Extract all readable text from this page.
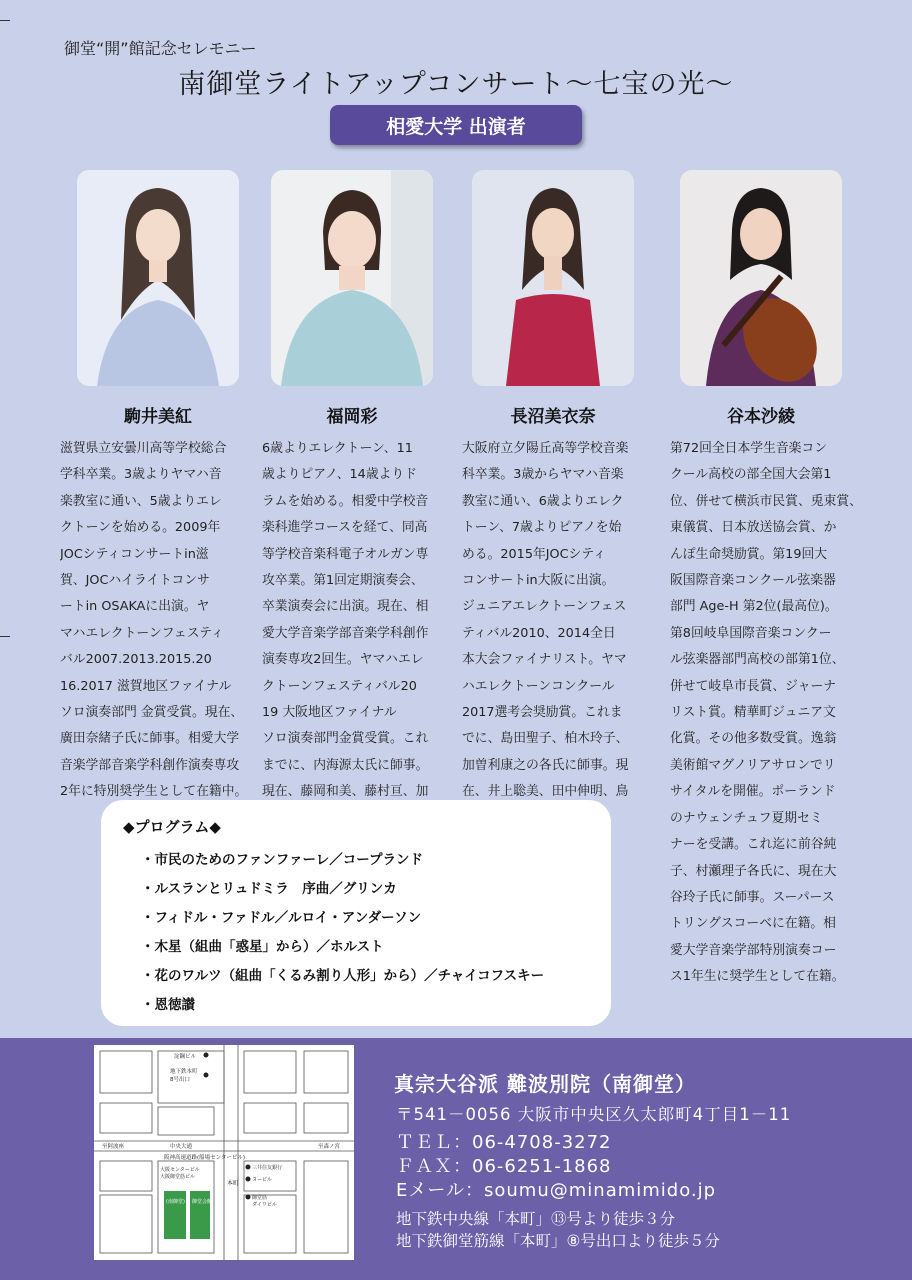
御堂“開”館記念セレモニー
南御堂ライトアップコンサート～七宝の光～
相愛大学 出演者
駒井美紅	福岡彩	長沼美衣奈	谷本沙綾
滋賀県立安曇川高等学校総合
学科卒業。3歳よりヤマハ音
楽教室に通い、5歳よりエレ
クトーンを始める。2009年
JOCシティコンサートin滋
賀、JOCハイライトコンサ
ートin OSAKAに出演。ヤ
マハエレクトーンフェスティ
バル2007.2013.2015.20
16.2017 滋賀地区ファイナル
ソロ演奏部門 金賞受賞。現在、
廣田奈緒子氏に師事。相愛大学
音楽学部音楽学科創作演奏専攻
2年に特別奨学生として在籍中。
6歳よりエレクトーン、11
歳よりピアノ、14歳よりド
ラムを始める。相愛中学校音
楽科進学コースを経て、同高
等学校音楽科電子オルガン専
攻卒業。第1回定期演奏会、
卒業演奏会に出演。現在、相
愛大学音楽学部音楽学科創作
演奏専攻2回生。ヤマハエレ
クトーンフェスティバル20
19 大阪地区ファイナル
ソロ演奏部門金賞受賞。これ
までに、内海源太氏に師事。
現在、藤岡和美、藤村亘、加

大阪府立夕陽丘高等学校音楽
科卒業。3歳からヤマハ音楽
教室に通い、6歳よりエレク
トーン、7歳よりピアノを始
める。2015年JOCシティ
コンサートin大阪に出演。
ジュニアエレクトーンフェス
ティバル2010、2014全日
本大会ファイナリスト。ヤマ
ハエレクトーンコンクール
2017選考会奨励賞。これま
でに、島田聖子、柏木玲子、
加曽利康之の各氏に師事。現
在、井上聡美、田中伸明、鳥

第72回全日本学生音楽コン
クール高校の部全国大会第1
位、併せて横浜市民賞、兎束賞、
東儀賞、日本放送協会賞、か
んぽ生命奨励賞。第19回大
阪国際音楽コンクール弦楽器
部門 Age-H 第2位(最高位)。
第8回岐阜国際音楽コンクー
ル弦楽器部門高校の部第1位、
併せて岐阜市長賞、ジャーナ
リスト賞。精華町ジュニア文
化賞。その他多数受賞。逸翁
美術館マグノリアサロンでリ
サイタルを開催。ポーランド
のナウェンチュフ夏期セミ
ナーを受講。これ迄に前谷純
子、村瀬理子各氏に、現在大
谷玲子氏に師事。スーパース
トリングスコーベに在籍。相
愛大学音楽学部特別演奏コー
ス1年生に奨学生として在籍。
◆プログラム◆
・市民のためのファンファーレ／コープランド
・ルスランとリュドミラ　序曲／グリンカ
・フィドル・ファドル／ルロイ・アンダーソン
・木星（組曲「惑星」から）／ホルスト
・花のワルツ（組曲「くるみ割り人形」から）／チャイコフスキー
・恩徳讃
淀鋼ビル
地下鉄本町
8号出口
至阿波座	中央大通	至森ノ宮
阪神高速道路(船場センタービル)
大阪センタービル
大阪御堂筋ビル
三井住友銀行
ヌービル
御堂筋
ダイワビル
本町
(南御堂) 御堂会館
真宗大谷派 難波別院（南御堂）
〒541－0056 大阪市中央区久太郎町4丁目1－11
ＴＥＬ：06-4708-3272
ＦＡＸ：06-6251-1868
Eメール：soumu@minamimido.jp
地下鉄中央線「本町」⑬号より徒歩３分
地下鉄御堂筋線「本町」⑧号出口より徒歩５分
